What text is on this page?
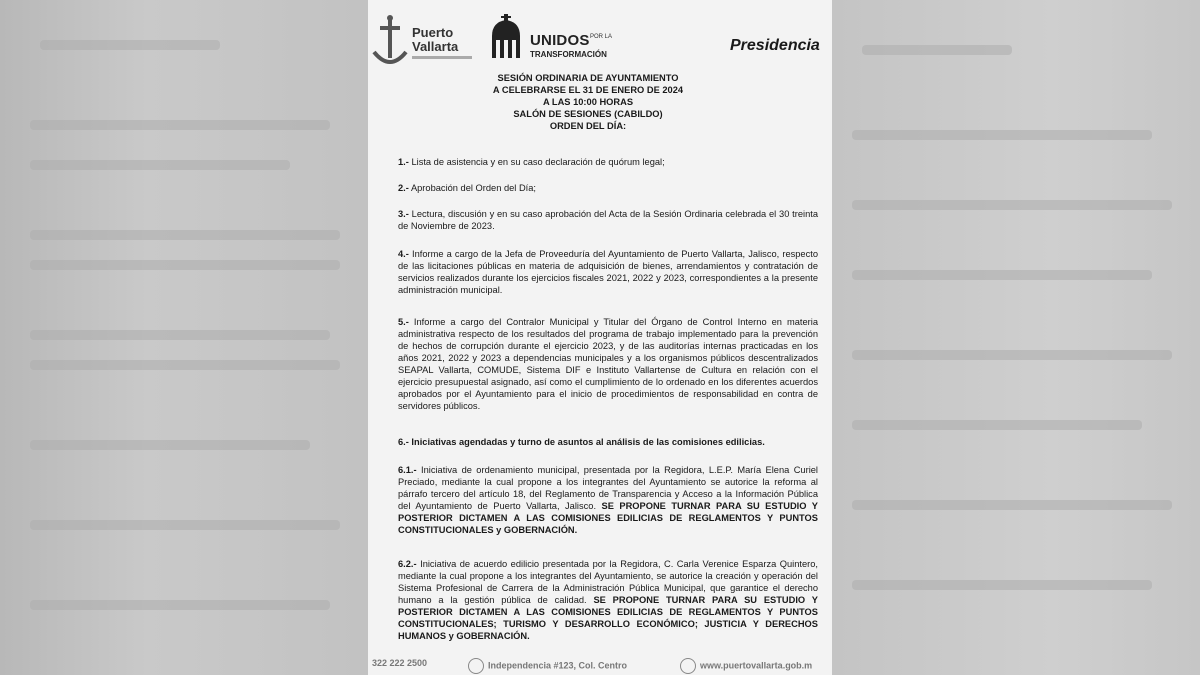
Puerto
Vallarta	UNIDOS POR LA
TRANSFORMACIÓN
Presidencia
SESIÓN ORDINARIA DE AYUNTAMIENTO
A CELEBRARSE EL 31 DE ENERO DE 2024
A LAS 10:00 HORAS
SALÓN DE SESIONES (CABILDO)
ORDEN DEL DÍA:
1.- Lista de asistencia y en su caso declaración de quórum legal;
2.- Aprobación del Orden del Día;
3.- Lectura, discusión y en su caso aprobación del Acta de la Sesión Ordinaria celebrada el 30 treinta de Noviembre de 2023.
4.- Informe a cargo de la Jefa de Proveeduría del Ayuntamiento de Puerto Vallarta, Jalisco, respecto de las licitaciones públicas en materia de adquisición de bienes, arrendamientos y contratación de servicios realizados durante los ejercicios fiscales 2021, 2022 y 2023, correspondientes a la presente administración municipal.
5.- Informe a cargo del Contralor Municipal y Titular del Órgano de Control Interno en materia administrativa respecto de los resultados del programa de trabajo implementado para la prevención de hechos de corrupción durante el ejercicio 2023, y de las auditorías internas practicadas en los años 2021, 2022 y 2023 a dependencias municipales y a los organismos públicos descentralizados SEAPAL Vallarta, COMUDE, Sistema DIF e Instituto Vallartense de Cultura en relación con el ejercicio presupuestal asignado, así como el cumplimiento de lo ordenado en los diferentes acuerdos aprobados por el Ayuntamiento para el inicio de procedimientos de responsabilidad en contra de servidores públicos.
6.- Iniciativas agendadas y turno de asuntos al análisis de las comisiones edilicias.
6.1.- Iniciativa de ordenamiento municipal, presentada por la Regidora, L.E.P. María Elena Curiel Preciado, mediante la cual propone a los integrantes del Ayuntamiento se autorice la reforma al párrafo tercero del artículo 18, del Reglamento de Transparencia y Acceso a la Información Pública del Ayuntamiento de Puerto Vallarta, Jalisco. SE PROPONE TURNAR PARA SU ESTUDIO Y POSTERIOR DICTAMEN A LAS COMISIONES EDILICIAS DE REGLAMENTOS Y PUNTOS CONSTITUCIONALES y GOBERNACIÓN.
6.2.- Iniciativa de acuerdo edilicio presentada por la Regidora, C. Carla Verenice Esparza Quintero, mediante la cual propone a los integrantes del Ayuntamiento, se autorice la creación y operación del Sistema Profesional de Carrera de la Administración Pública Municipal, que garantice el derecho humano a la gestión pública de calidad. SE PROPONE TURNAR PARA SU ESTUDIO Y POSTERIOR DICTAMEN A LAS COMISIONES EDILICIAS DE REGLAMENTOS Y PUNTOS CONSTITUCIONALES; TURISMO Y DESARROLLO ECONÓMICO; JUSTICIA Y DERECHOS HUMANOS y GOBERNACIÓN.
322 222 2500	Independencia #123, Col. Centro	www.puertovallarta.gob.m
